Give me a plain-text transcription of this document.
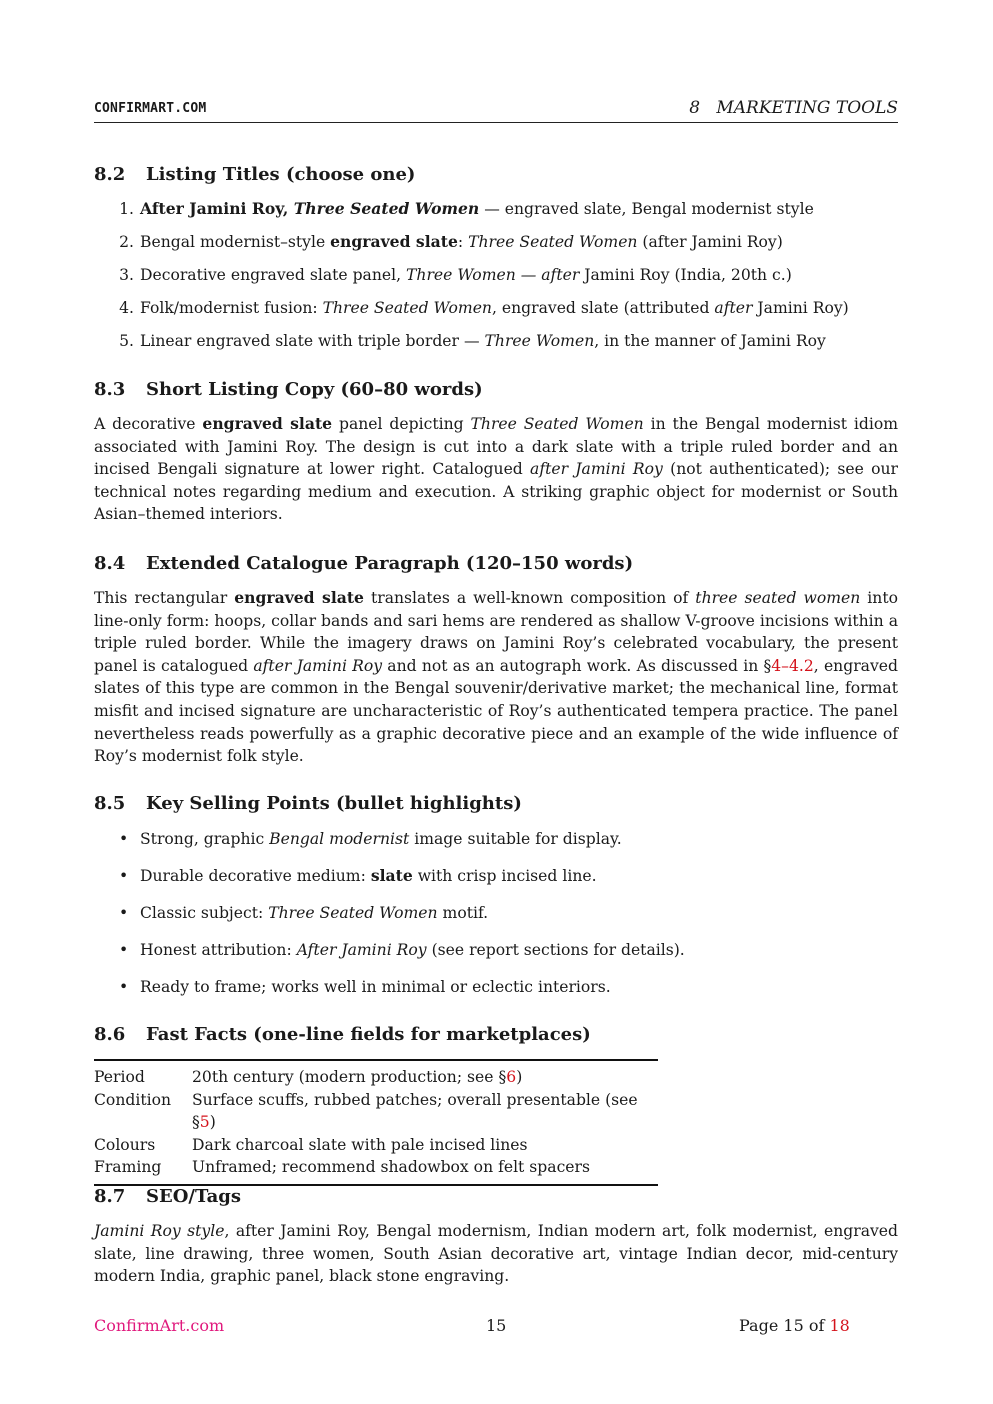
CONFIRMART.COM	8 MARKETING TOOLS
8.2 Listing Titles (choose one)
1. After Jamini Roy, Three Seated Women — engraved slate, Bengal modernist style
2. Bengal modernist–style engraved slate: Three Seated Women (after Jamini Roy)
3. Decorative engraved slate panel, Three Women — after Jamini Roy (India, 20th c.)
4. Folk/modernist fusion: Three Seated Women, engraved slate (attributed after Jamini Roy)
5. Linear engraved slate with triple border — Three Women, in the manner of Jamini Roy
8.3 Short Listing Copy (60–80 words)

A decorative engraved slate panel depicting Three Seated Women in the Bengal modernist idiom associated with Jamini Roy. The design is cut into a dark slate with a triple ruled border and an incised Bengali signature at lower right. Catalogued after Jamini Roy (not authenticated); see our technical notes regarding medium and execution. A striking graphic object for modernist or South Asian–themed interiors.

8.4 Extended Catalogue Paragraph (120–150 words)

This rectangular engraved slate translates a well-known composition of three seated women into line-only form: hoops, collar bands and sari hems are rendered as shallow V-groove incisions within a triple ruled border. While the imagery draws on Jamini Roy’s celebrated vocabulary, the present panel is catalogued after Jamini Roy and not as an autograph work. As discussed in §4–4.2, engraved slates of this type are common in the Bengal souvenir/derivative market; the mechanical line, format misfit and incised signature are uncharacteristic of Roy’s authenticated tempera practice. The panel nevertheless reads powerfully as a graphic decorative piece and an example of the wide influence of Roy’s modernist folk style.

8.5 Key Selling Points (bullet highlights)
• Strong, graphic Bengal modernist image suitable for display.
• Durable decorative medium: slate with crisp incised line.
• Classic subject: Three Seated Women motif.
• Honest attribution: After Jamini Roy (see report sections for details).
• Ready to frame; works well in minimal or eclectic interiors.
8.6 Fast Facts (one-line fields for marketplaces)
Period	20th century (modern production; see §6)
Condition	Surface scuffs, rubbed patches; overall presentable (see §5)
Colours	Dark charcoal slate with pale incised lines
Framing	Unframed; recommend shadowbox on felt spacers
8.7 SEO/Tags

Jamini Roy style, after Jamini Roy, Bengal modernism, Indian modern art, folk modernist, engraved slate, line drawing, three women, South Asian decorative art, vintage Indian decor, mid-century modern India, graphic panel, black stone engraving.

ConfirmArt.com	15	Page 15 of 18
